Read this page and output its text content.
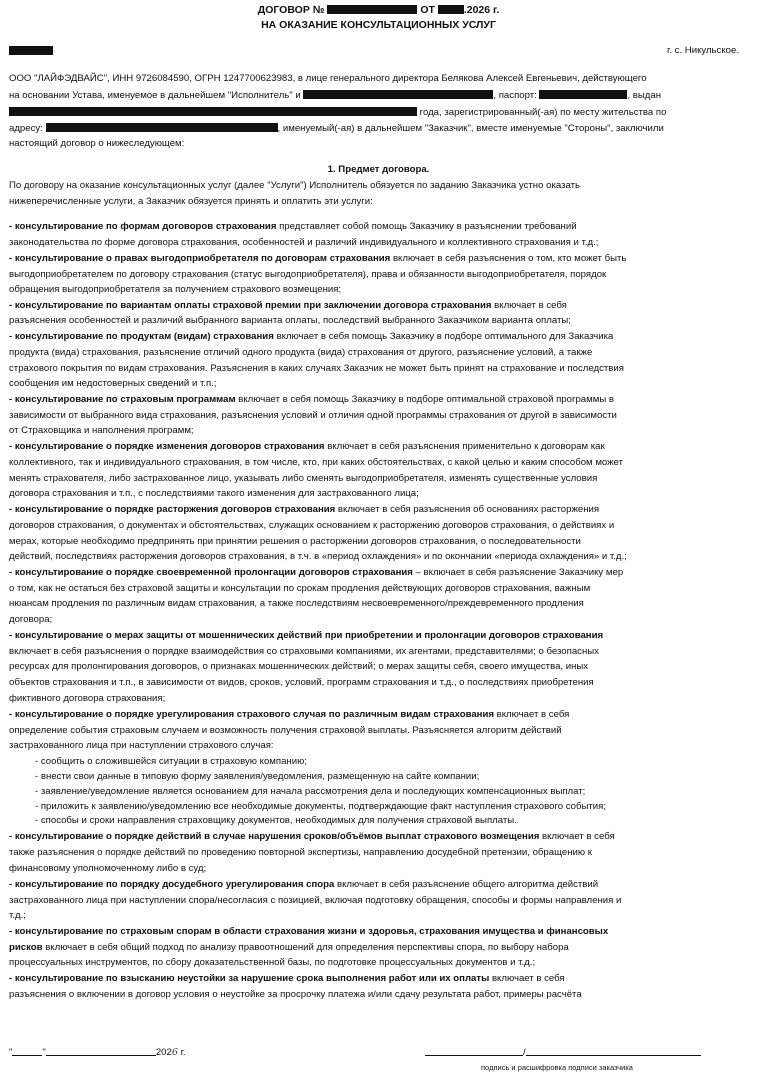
ДОГОВОР №	ОТ	.2026 г.
НА ОКАЗАНИЕ КОНСУЛЬТАЦИОННЫХ УСЛУГ
г. с. Никульское.
ООО "ЛАЙФЭДВАЙС", ИНН 9726084590, ОГРН 1247700623983, в лице генерального директора Белякова Алексей Евгеньевич, действующего
на основании Устава, именуемое в дальнейшем "Исполнитель" и	, паспорт:	, выдан
года, зарегистрированный(-ая) по месту жительства по
адресу:	, именуемый(-ая) в дальнейшем "Заказчик", вместе именуемые "Стороны", заключили
настоящий договор о нижеследующем:
1. Предмет договора.
По договору на оказание консультационных услуг (далее "Услуги") Исполнитель обязуется по заданию Заказчика устно оказать
нижеперечисленные услуги, а Заказчик обязуется принять и оплатить эти услуги:
- консультирование по формам договоров страхования представляет собой помощь Заказчику в разъяснении требований
законодательства по форме договора страхования, особенностей и различий индивидуального и коллективного страхования и т.д.;
- консультирование о правах выгодоприобретателя по договорам страхования включает в себя разъяснения о том, кто может быть
выгодоприобретателем по договору страхования (статус выгодоприобретателя), права и обязанности выгодоприобретателя, порядок
обращения выгодоприобретателя за получением страхового возмещения;
- консультирование по вариантам оплаты страховой премии при заключении договора страхования включает в себя
разъяснения особенностей и различий выбранного варианта оплаты, последствий выбранного Заказчиком варианта оплаты;
- консультирование по продуктам (видам) страхования включает в себя помощь Заказчику в подборе оптимального для Заказчика
продукта (вида) страхования, разъяснение отличий одного продукта (вида) страхования от другого, разъяснение условий, а также
страхового покрытия по видам страхования. Разъяснения в каких случаях Заказчик не может быть принят на страхование и последствия
сообщения им недостоверных сведений и т.п.;
- консультирование по страховым программам включает в себя помощь Заказчику в подборе оптимальной страховой программы в
зависимости от выбранного вида страхования, разъяснения условий и отличия одной программы страхования от другой в зависимости
от Страховщика и наполнения программ;
- консультирование о порядке изменения договоров страхования включает в себя разъяснения применительно к договорам как
коллективного, так и индивидуального страхования, в том числе, кто, при каких обстоятельствах, с какой целью и каким способом может
менять страхователя, либо застрахованное лицо, указывать либо сменять выгодоприобретателя, изменять существенные условия
договора страхования и т.п., с последствиями такого изменения для застрахованного лица;
- консультирование о порядке расторжения договоров страхования включает в себя разъяснения об основаниях расторжения
договоров страхования, о документах и обстоятельствах, служащих основанием к расторжению договоров страхования, о действиях и
мерах, которые необходимо предпринять при принятии решения о расторжении договоров страхования, о последовательности
действий, последствиях расторжения договоров страхования, в т.ч. в «период охлаждения» и по окончании «периода охлаждения» и т.д.;
- консультирование о порядке своевременной пролонгации договоров страхования – включает в себя разъяснение Заказчику мер
о том, как не остаться без страховой защиты и консультации по срокам продления действующих договоров страхования, важным
нюансам продления по различным видам страхования, а также последствиям несвоевременного/преждевременного продления
договора;
- консультирование о мерах защиты от мошеннических действий при приобретении и пролонгации договоров страхования
включает в себя разъяснения о порядке взаимодействия со страховыми компаниями, их агентами, представителями; о безопасных
ресурсах для пролонгирования договоров, о признаках мошеннических действий; о мерах защиты себя, своего имущества, иных
объектов страхования и т.п., в зависимости от видов, сроков, условий, программ страхования и т.д., о последствиях приобретения
фиктивного договора страхования;
- консультирование о порядке урегулирования страхового случая по различным видам страхования включает в себя
определение события страховым случаем и возможность получения страховой выплаты. Разъясняется алгоритм действий
застрахованного лица при наступлении страхового случая:
- сообщить о сложившейся ситуации в страховую компанию;
- внести свои данные в типовую форму заявления/уведомления, размещенную на сайте компании;
- заявление/уведомление является основанием для начала рассмотрения дела и последующих компенсационных выплат;
- приложить к заявлению/уведомлению все необходимые документы, подтверждающие факт наступления страхового события;
- способы и сроки направления страховщику документов, необходимых для получения страховой выплаты.
- консультирование о порядке действий в случае нарушения сроков/объёмов выплат страхового возмещения включает в себя
также разъяснения о порядке действий по проведению повторной экспертизы, направлению досудебной претензии, обращению к
финансовому уполномоченному либо в суд;
- консультирование по порядку досудебного урегулирования спора включает в себя разъяснение общего алгоритма действий
застрахованного лица при наступлении спора/несогласия с позицией, включая подготовку обращения, способы и формы направления и
т.д.;
- консультирование по страховым спорам в области страхования жизни и здоровья, страхования имущества и финансовых
рисков включает в себя общий подход по анализу правоотношений для определения перспективы спора, по выбору набора
процессуальных инструментов, по сбору доказательственной базы, по подготовке процессуальных документов и т.д.;
- консультирование по взысканию неустойки за нарушение срока выполнения работ или их оплаты включает в себя
разъяснения о включении в договор условия о неустойке за просрочку платежа и/или сдачу результата работ, примеры расчёта
"	"	2026 г.	/
подпись и расшифровка подписи заказчика
